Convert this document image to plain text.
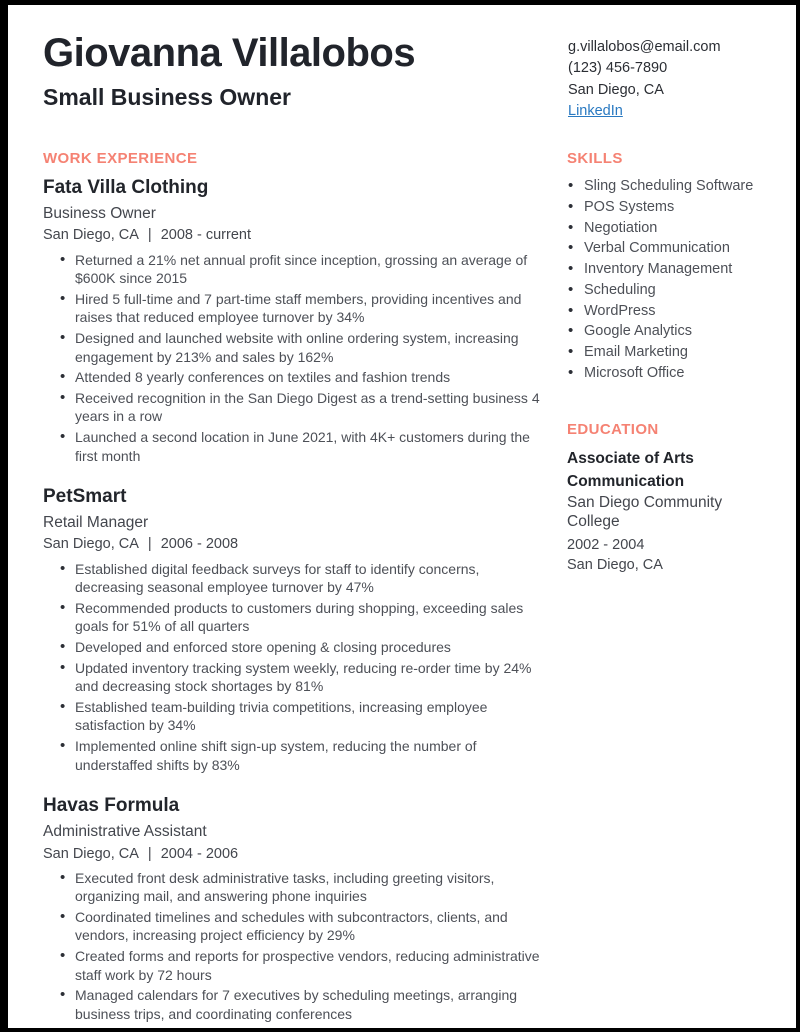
Giovanna Villalobos
Small Business Owner

g.villalobos@email.com

(123) 456-7890

San Diego, CA

LinkedIn

WORK EXPERIENCE
Fata Villa Clothing

Business Owner

San Diego, CA | 2008 - current

• Returned a 21% net annual profit since inception, grossing an average of $600K since 2015
• Hired 5 full-time and 7 part-time staff members, providing incentives and raises that reduced employee turnover by 34%
• Designed and launched website with online ordering system, increasing engagement by 213% and sales by 162%
• Attended 8 yearly conferences on textiles and fashion trends
• Received recognition in the San Diego Digest as a trend-setting business 4 years in a row
• Launched a second location in June 2021, with 4K+ customers during the first month
PetSmart

Retail Manager

San Diego, CA | 2006 - 2008

• Established digital feedback surveys for staff to identify concerns, decreasing seasonal employee turnover by 47%
• Recommended products to customers during shopping, exceeding sales goals for 51% of all quarters
• Developed and enforced store opening & closing procedures
• Updated inventory tracking system weekly, reducing re-order time by 24% and decreasing stock shortages by 81%
• Established team-building trivia competitions, increasing employee satisfaction by 34%
• Implemented online shift sign-up system, reducing the number of understaffed shifts by 83%
Havas Formula

Administrative Assistant

San Diego, CA | 2004 - 2006

• Executed front desk administrative tasks, including greeting visitors, organizing mail, and answering phone inquiries
• Coordinated timelines and schedules with subcontractors, clients, and vendors, increasing project efficiency by 29%
• Created forms and reports for prospective vendors, reducing administrative staff work by 72 hours
• Managed calendars for 7 executives by scheduling meetings, arranging business trips, and coordinating conferences
SKILLS
• Sling Scheduling Software
• POS Systems
• Negotiation
• Verbal Communication
• Inventory Management
• Scheduling
• WordPress
• Google Analytics
• Email Marketing
• Microsoft Office
EDUCATION

Associate of Arts Communication

San Diego Community College

2002 - 2004

San Diego, CA
